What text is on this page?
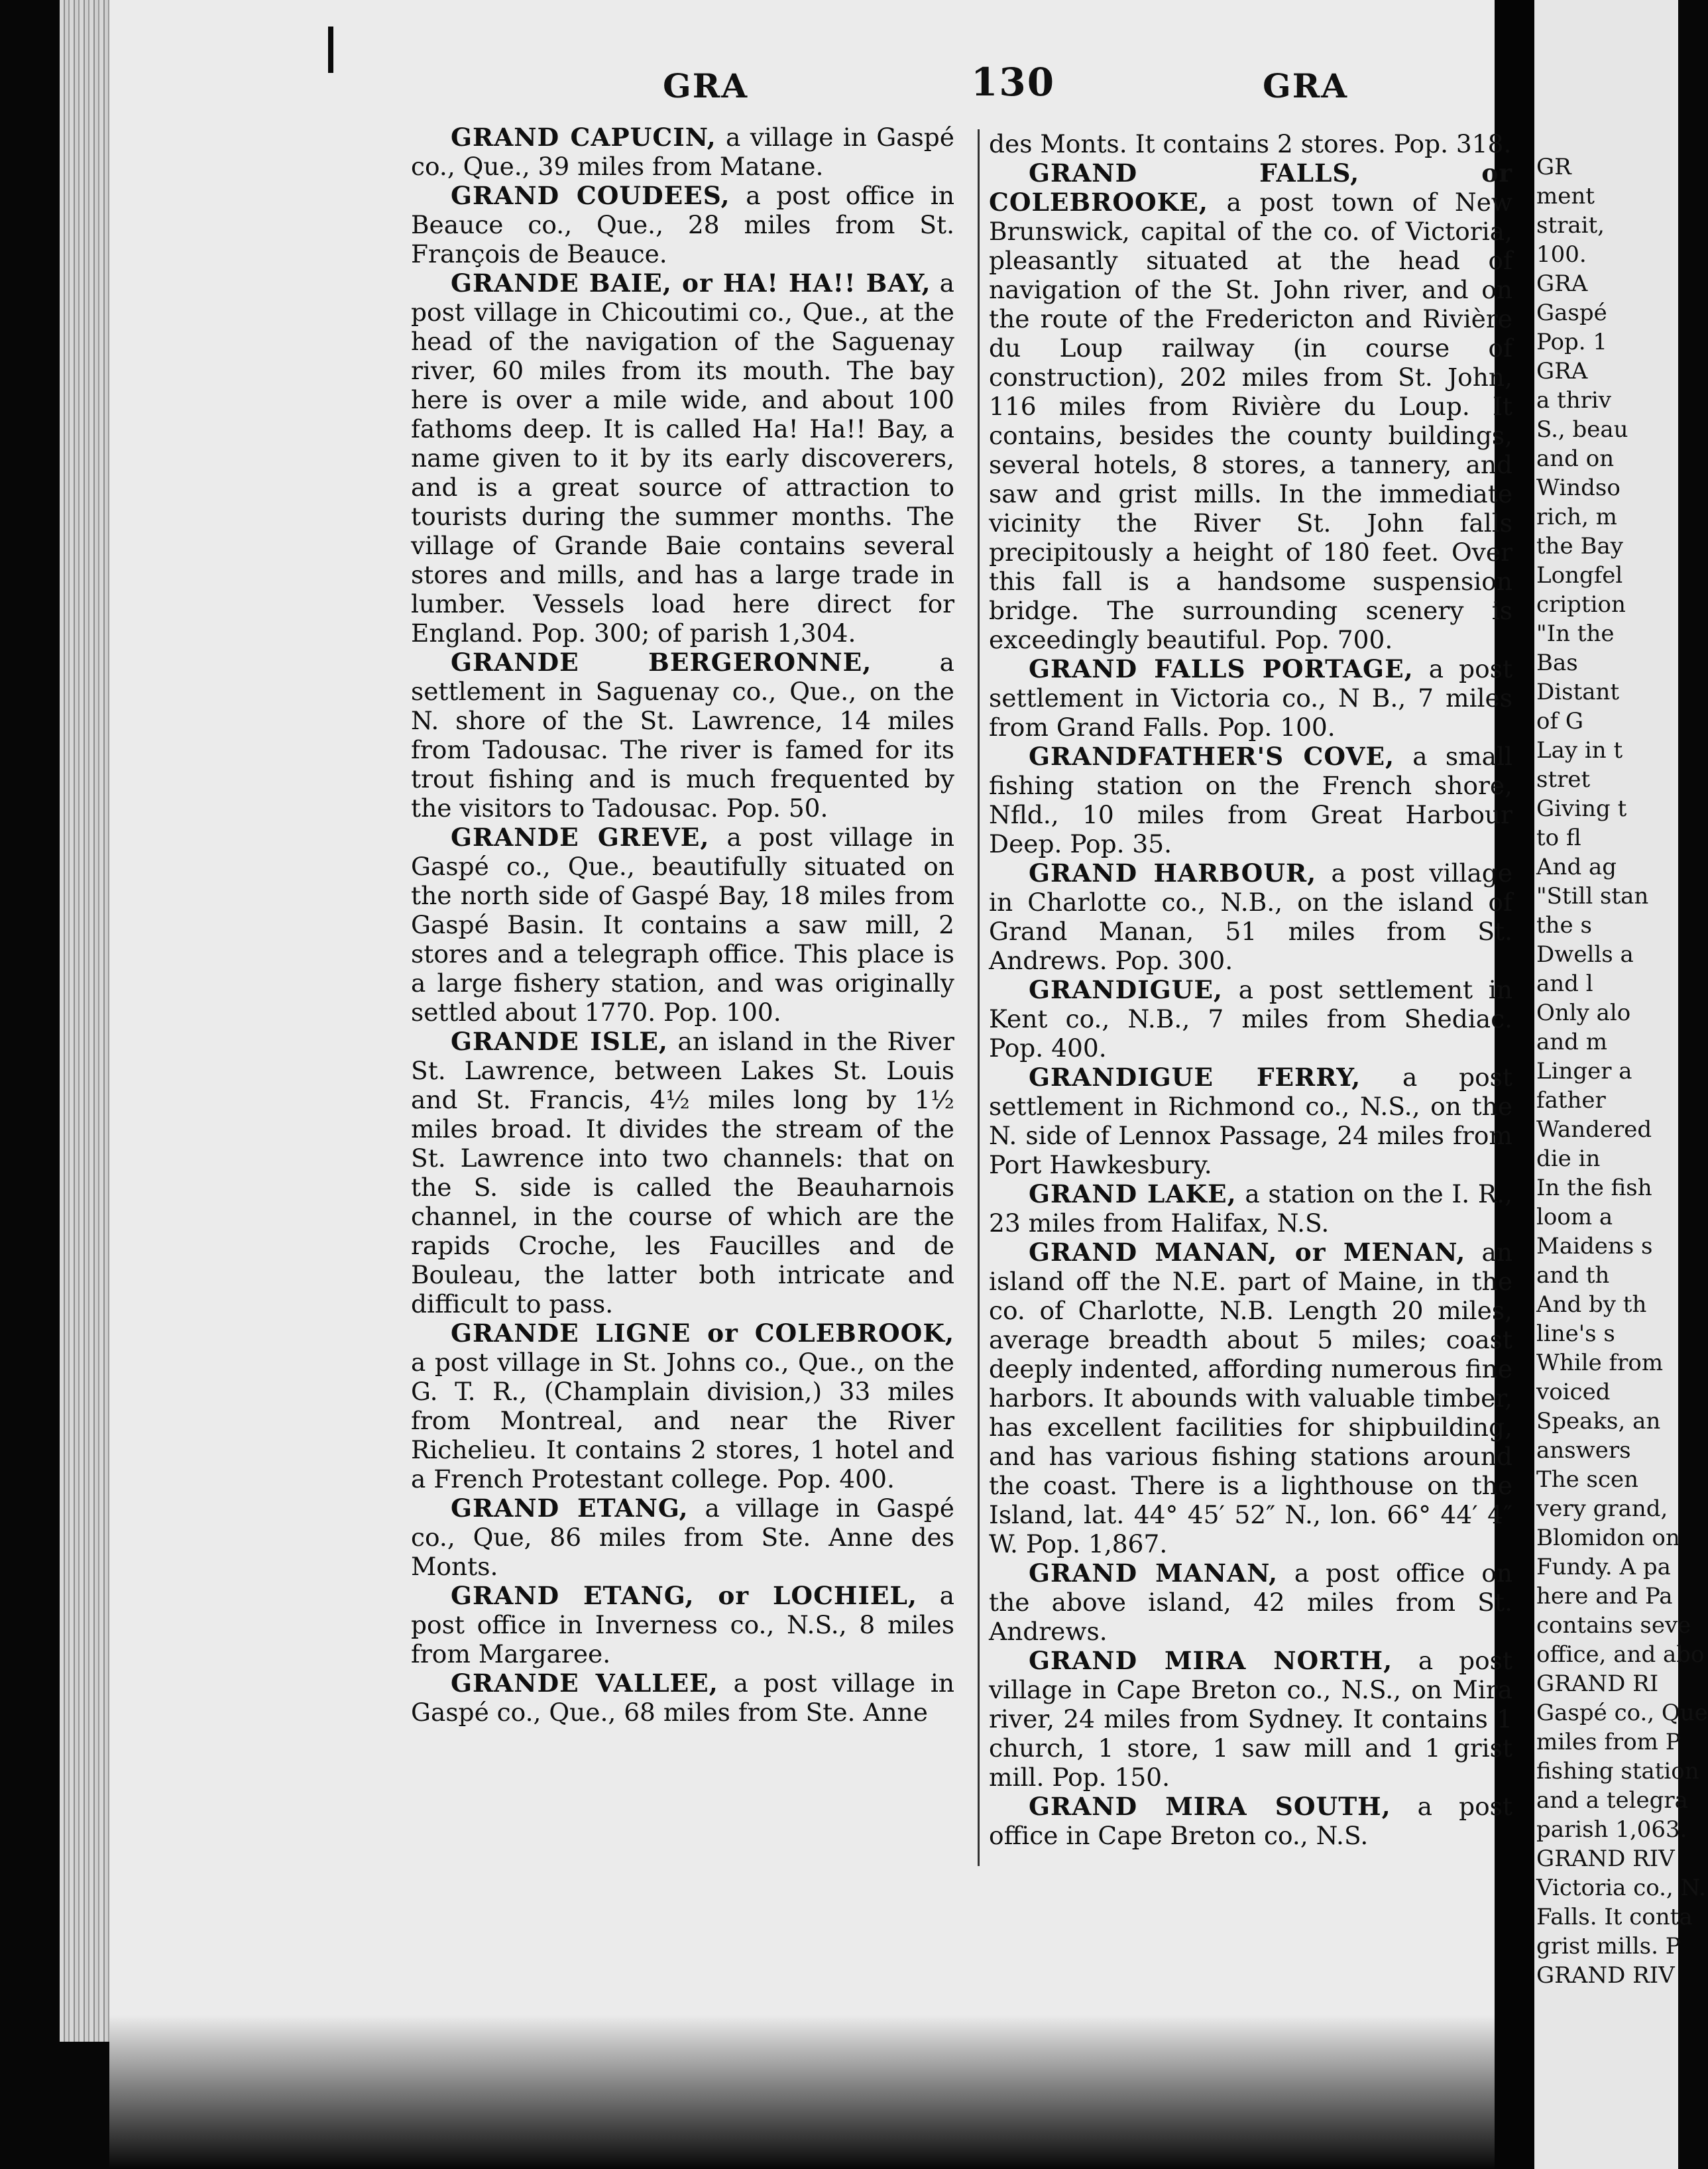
GRA	130	GRA

GRAND CAPUCIN, a village in Gaspé co., Que., 39 miles from Matane.

GRAND COUDEES, a post office in Beauce co., Que., 28 miles from St. François de Beauce.

GRANDE BAIE, or HA! HA!! BAY, a post village in Chicoutimi co., Que., at the head of the navigation of the Saguenay river, 60 miles from its mouth. The bay here is over a mile wide, and about 100 fathoms deep. It is called Ha! Ha!! Bay, a name given to it by its early discoverers, and is a great source of attraction to tourists during the summer months. The village of Grande Baie contains several stores and mills, and has a large trade in lumber. Vessels load here direct for England. Pop. 300; of parish 1,304.

GRANDE BERGERONNE, a settlement in Saguenay co., Que., on the N. shore of the St. Lawrence, 14 miles from Tadousac. The river is famed for its trout fishing and is much frequented by the visitors to Tadousac. Pop. 50.

GRANDE GREVE, a post village in Gaspé co., Que., beautifully situated on the north side of Gaspé Bay, 18 miles from Gaspé Basin. It contains a saw mill, 2 stores and a telegraph office. This place is a large fishery station, and was originally settled about 1770. Pop. 100.

GRANDE ISLE, an island in the River St. Lawrence, between Lakes St. Louis and St. Francis, 4½ miles long by 1½ miles broad. It divides the stream of the St. Lawrence into two channels: that on the S. side is called the Beauharnois channel, in the course of which are the rapids Croche, les Faucilles and de Bouleau, the latter both intricate and difficult to pass.

GRANDE LIGNE or COLEBROOK, a post village in St. Johns co., Que., on the G. T. R., (Champlain division,) 33 miles from Montreal, and near the River Richelieu. It contains 2 stores, 1 hotel and a French Protestant college. Pop. 400.

GRAND ETANG, a village in Gaspé co., Que, 86 miles from Ste. Anne des Monts.

GRAND ETANG, or LOCHIEL, a post office in Inverness co., N.S., 8 miles from Margaree.

GRANDE VALLEE, a post village in Gaspé co., Que., 68 miles from Ste. Anne

des Monts. It contains 2 stores. Pop. 318.

GRAND FALLS, or COLEBROOKE, a post town of New Brunswick, capital of the co. of Victoria, pleasantly situated at the head of navigation of the St. John river, and on the route of the Fredericton and Rivière du Loup railway (in course of construction), 202 miles from St. John, 116 miles from Rivière du Loup. It contains, besides the county buildings, several hotels, 8 stores, a tannery, and saw and grist mills. In the immediate vicinity the River St. John falls precipitously a height of 180 feet. Over this fall is a handsome suspension bridge. The surrounding scenery is exceedingly beautiful. Pop. 700.

GRAND FALLS PORTAGE, a post settlement in Victoria co., N B., 7 miles from Grand Falls. Pop. 100.

GRANDFATHER'S COVE, a small fishing station on the French shore, Nfld., 10 miles from Great Harbour Deep. Pop. 35.

GRAND HARBOUR, a post village in Charlotte co., N.B., on the island of Grand Manan, 51 miles from St. Andrews. Pop. 300.

GRANDIGUE, a post settlement in Kent co., N.B., 7 miles from Shediac. Pop. 400.

GRANDIGUE FERRY, a post settlement in Richmond co., N.S., on the N. side of Lennox Passage, 24 miles from Port Hawkesbury.

GRAND LAKE, a station on the I. R., 23 miles from Halifax, N.S.

GRAND MANAN, or MENAN, an island off the N.E. part of Maine, in the co. of Charlotte, N.B. Length 20 miles, average breadth about 5 miles; coast deeply indented, affording numerous fine harbors. It abounds with valuable timber, has excellent facilities for shipbuilding, and has various fishing stations around the coast. There is a lighthouse on the Island, lat. 44° 45′ 52″ N., lon. 66° 44′ 4″ W. Pop. 1,867.

GRAND MANAN, a post office on the above island, 42 miles from St. Andrews.

GRAND MIRA NORTH, a post village in Cape Breton co., N.S., on Mira river, 24 miles from Sydney. It contains 1 church, 1 store, 1 saw mill and 1 grist mill. Pop. 150.

GRAND MIRA SOUTH, a post office in Cape Breton co., N.S.

GR

ment

strait,

100.

GRA

Gaspé

Pop. 1

GRA

a thriv

S., beau

and on

Windso

rich, m

the Bay

Longfel

cription

"In the

Bas

Distant

of G

Lay in t

stret

Giving t

to fl

And ag

"Still stan

the s

Dwells a

and l

Only alo

and m

Linger a

father

Wandered

die in

In the fish

loom a

Maidens s

and th

And by th

line's s

While from

voiced

Speaks, an

answers

The scen

very grand,

Blomidon on

Fundy. A pa

here and Pa

contains seve

office, and abo

GRAND RI

Gaspé co., Que

miles from P

fishing station

and a telegra

parish 1,063.

GRAND RIV

Victoria co., N.

Falls. It conta

grist mills. P

GRAND RIV
